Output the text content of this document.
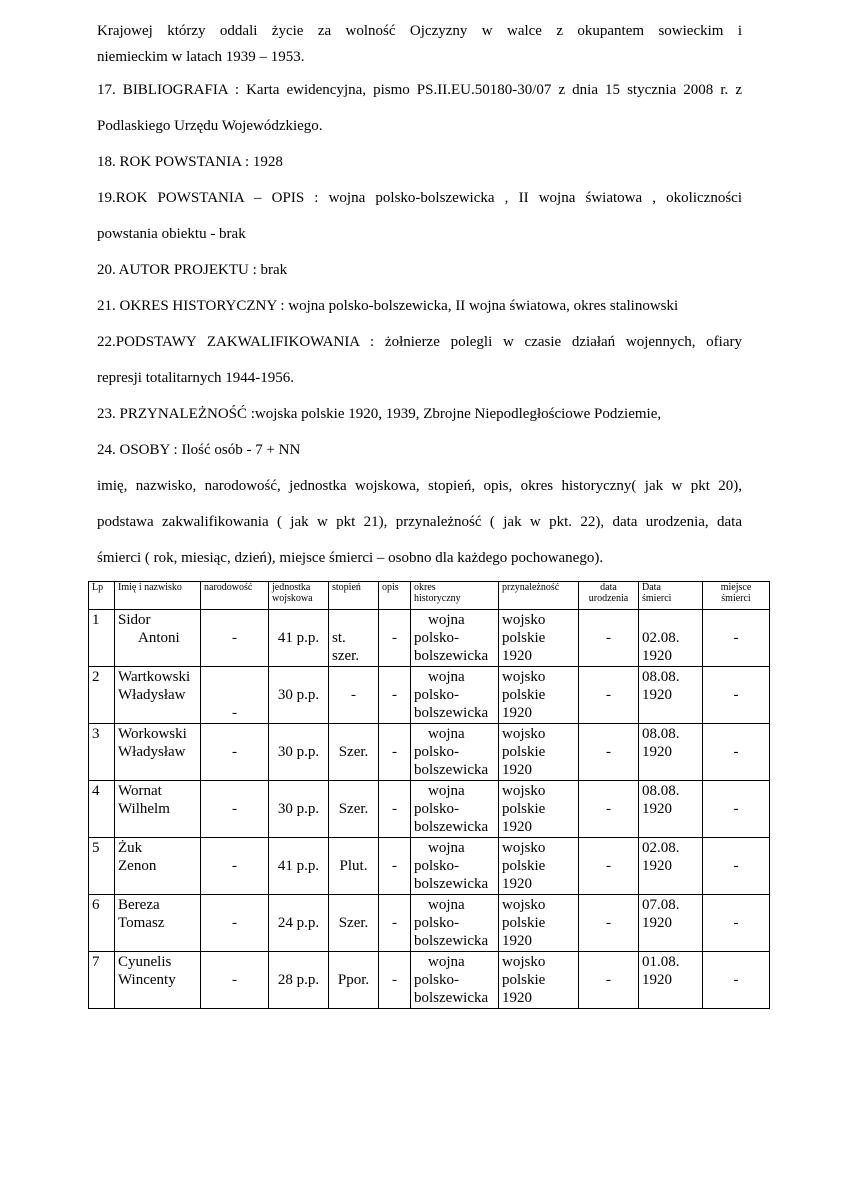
Krajowej którzy oddali życie za wolność Ojczyzny w walce z okupantem sowieckim i

niemieckim w latach 1939 – 1953.

17. BIBLIOGRAFIA : Karta ewidencyjna, pismo PS.II.EU.50180-30/07 z dnia 15 stycznia 2008 r. z

Podlaskiego Urzędu Wojewódzkiego.

18. ROK POWSTANIA : 1928

19.ROK POWSTANIA – OPIS : wojna polsko-bolszewicka , II wojna światowa , okoliczności

powstania obiektu - brak

20. AUTOR PROJEKTU : brak

21. OKRES HISTORYCZNY : wojna polsko-bolszewicka, II wojna światowa, okres stalinowski

22.PODSTAWY ZAKWALIFIKOWANIA : żołnierze polegli w czasie działań wojennych, ofiary

represji totalitarnych 1944-1956.

23. PRZYNALEŻNOŚĆ :wojska polskie 1920, 1939, Zbrojne Niepodległościowe Podziemie,

24. OSOBY : Ilość osób - 7 + NN

imię, nazwisko, narodowość, jednostka wojskowa, stopień, opis, okres historyczny( jak w pkt 20),

podstawa zakwalifikowania ( jak w pkt 21), przynależność ( jak w pkt. 22), data urodzenia, data

śmierci ( rok, miesiąc, dzień), miejsce śmierci – osobno dla każdego pochowanego).

Lp	Imię i nazwisko	narodowość	jednostka
wojskowa	stopień	opis	okres
historyczny	przynależność	data
urodzenia	Data
śmierci	miejsce
śmierci
1	Sidor
Antoni	-	41 p.p.	st.
szer.	-	wojna
polsko-
bolszewicka	wojsko
polskie
1920	-	02.08.
1920	-

2	Wartkowski
Władysław	-	30 p.p.	-	-	wojna
polsko-
bolszewicka	wojsko
polskie
1920	-	08.08.
1920	-

3	Workowski
Władysław	-	30 p.p.	Szer.	-	wojna
polsko-
bolszewicka	wojsko
polskie
1920	-	08.08.
1920	-

4	Wornat
Wilhelm	-	30 p.p.	Szer.	-	wojna
polsko-
bolszewicka	wojsko
polskie
1920	-	08.08.
1920	-

5	Żuk
Zenon	-	41 p.p.	Plut.	-	wojna
polsko-
bolszewicka	wojsko
polskie
1920	-	02.08.
1920	-

6	Bereza
Tomasz	-	24 p.p.	Szer.	-	wojna
polsko-
bolszewicka	wojsko
polskie
1920	-	07.08.
1920	-

7	Cyunelis
Wincenty	-	28 p.p.	Ppor.	-	wojna
polsko-
bolszewicka	wojsko
polskie
1920	-	01.08.
1920	-
